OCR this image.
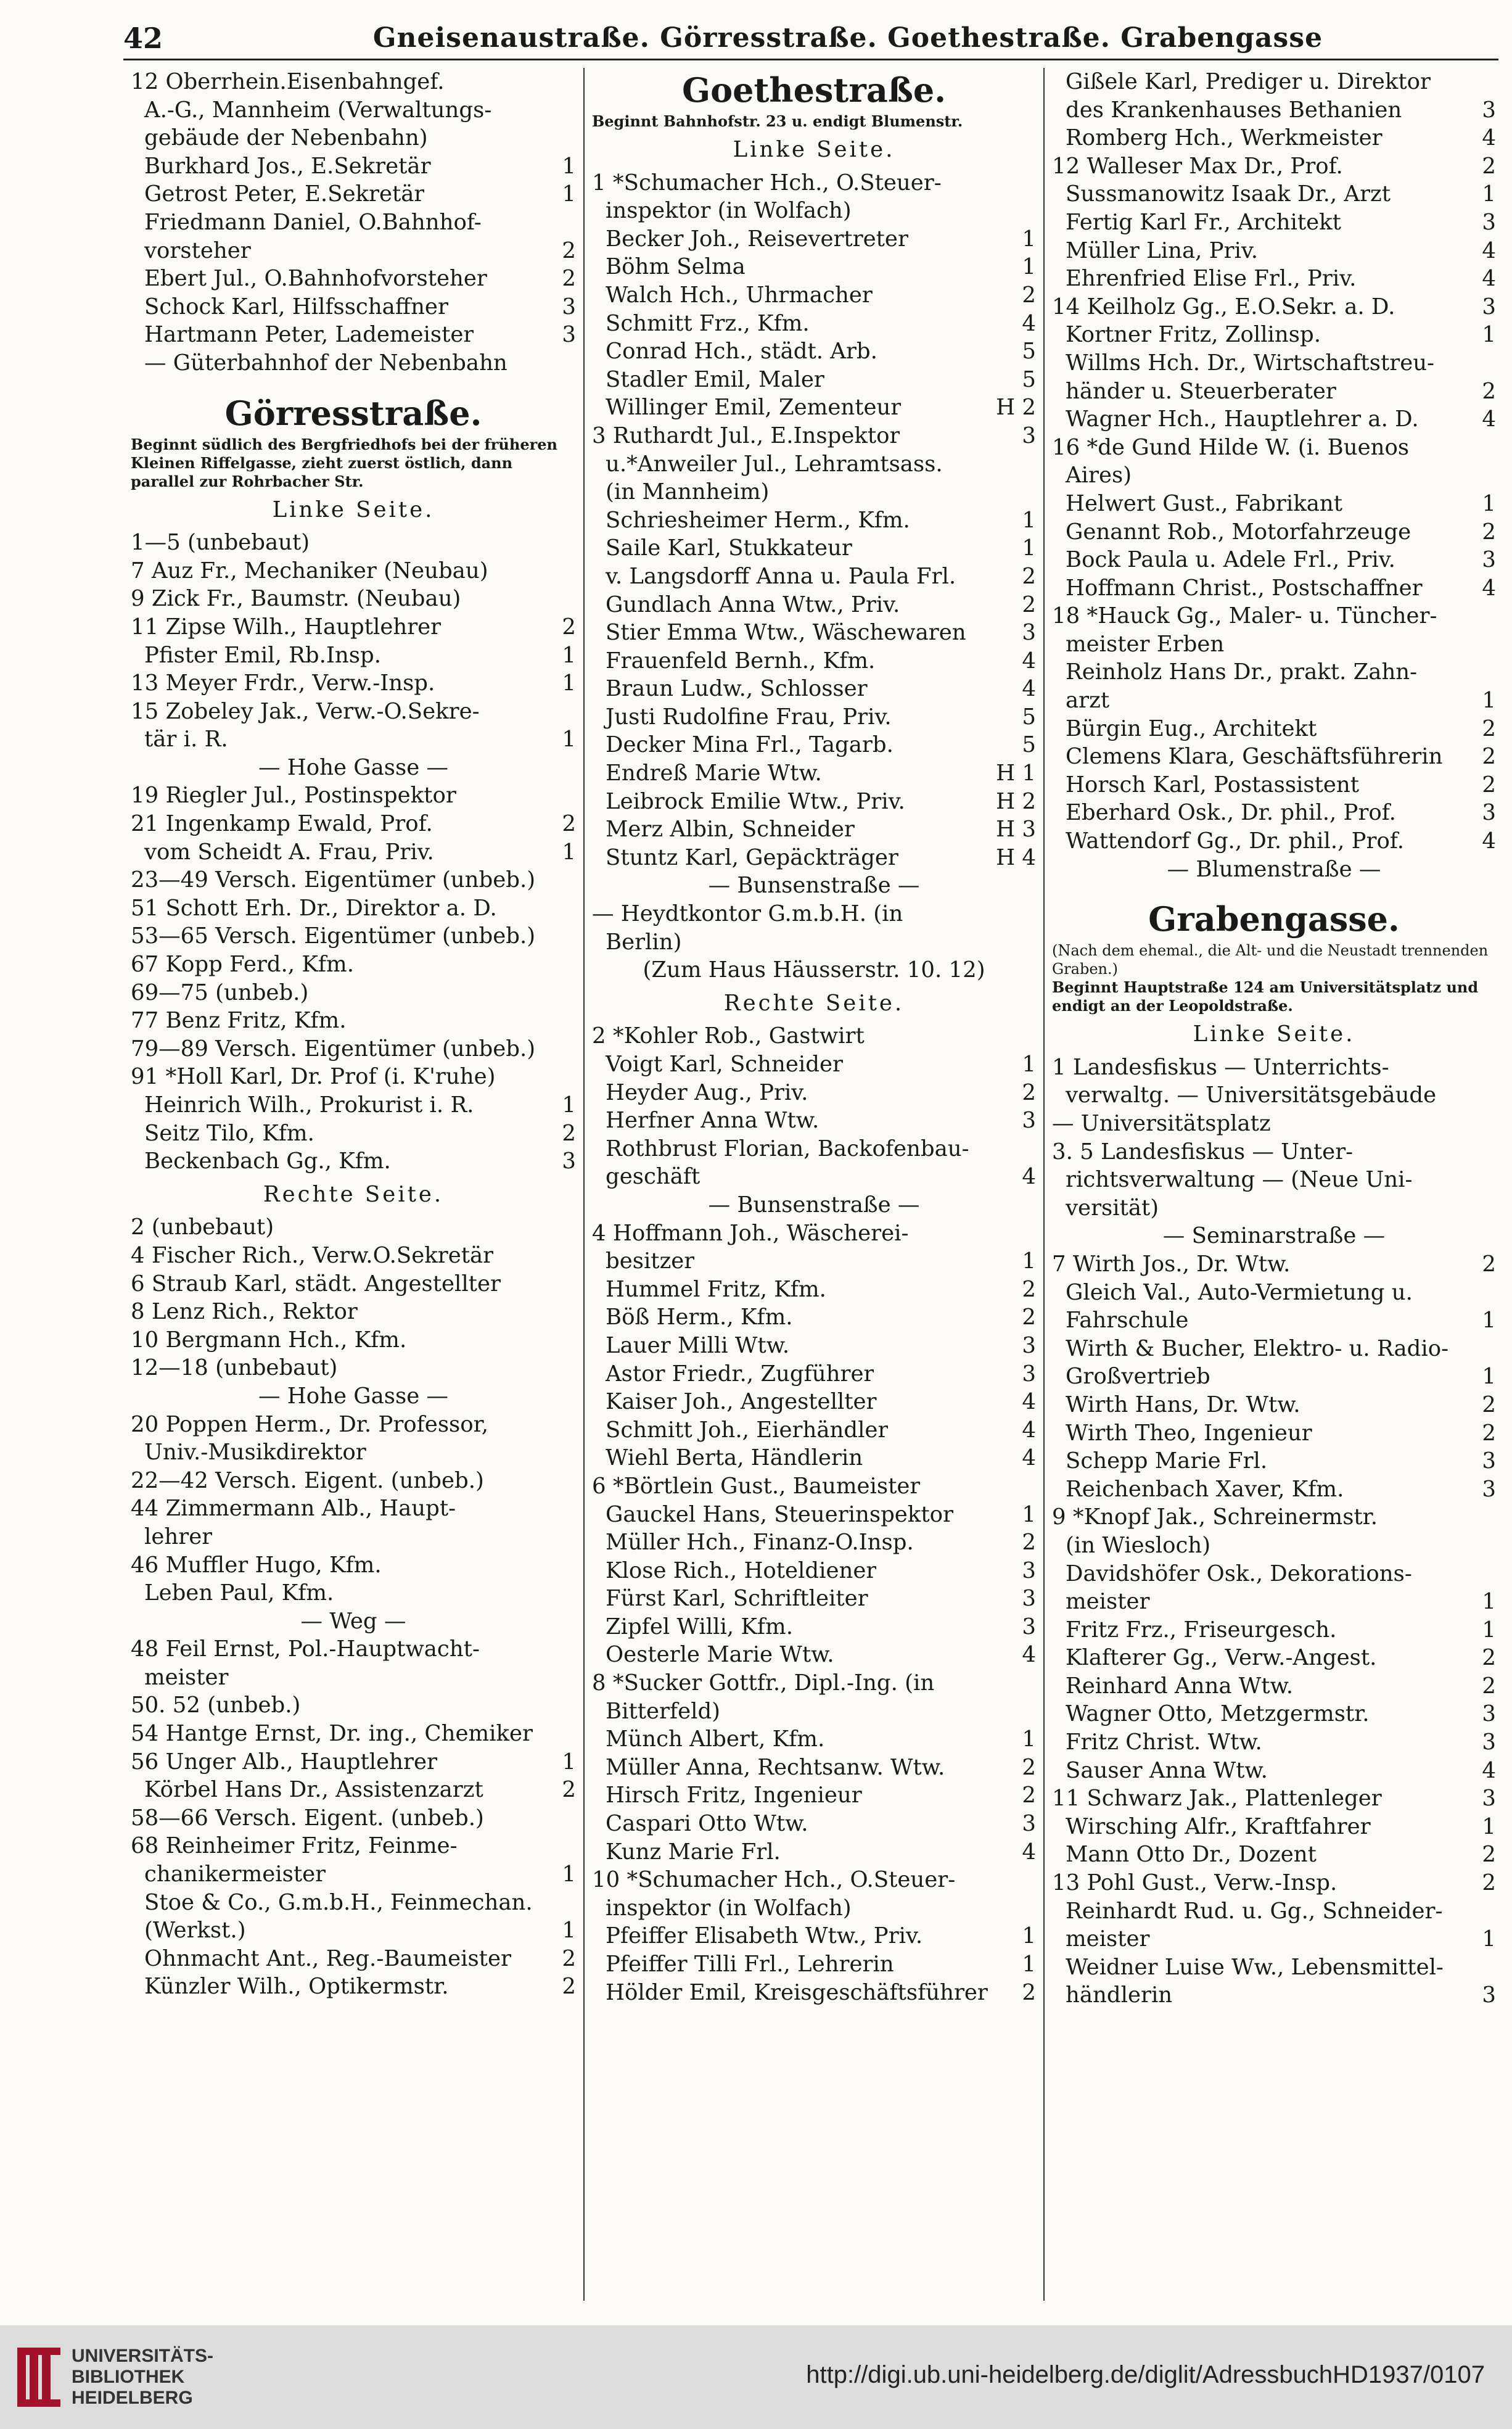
42	Gneisenaustraße. Görresstraße. Goethestraße. Grabengasse
12 Oberrhein.Eisenbahngef.
A.-G., Mannheim (Verwaltungs-
gebäude der Nebenbahn)
Burkhard Jos., E.Sekretär	1
Getrost Peter, E.Sekretär	1
Friedmann Daniel, O.Bahnhof-
vorsteher	2
Ebert Jul., O.Bahnhofvorsteher	2
Schock Karl, Hilfsschaffner	3
Hartmann Peter, Lademeister	3
— Güterbahnhof der Nebenbahn
Görresstraße.
Beginnt südlich des Bergfriedhofs bei der früheren Kleinen Riffelgasse, zieht zuerst östlich, dann parallel zur Rohrbacher Str.
Linke Seite.
1—5 (unbebaut)
7 Auz Fr., Mechaniker (Neubau)
9 Zick Fr., Baumstr. (Neubau)
11 Zipse Wilh., Hauptlehrer	2
Pfister Emil, Rb.Insp.	1
13 Meyer Frdr., Verw.-Insp.	1
15 Zobeley Jak., Verw.-O.Sekre-
tär i. R.	1
— Hohe Gasse —
19 Riegler Jul., Postinspektor
21 Ingenkamp Ewald, Prof.	2
vom Scheidt A. Frau, Priv.	1
23—49 Versch. Eigentümer (unbeb.)
51 Schott Erh. Dr., Direktor a. D.
53—65 Versch. Eigentümer (unbeb.)
67 Kopp Ferd., Kfm.
69—75 (unbeb.)
77 Benz Fritz, Kfm.
79—89 Versch. Eigentümer (unbeb.)
91 *Holl Karl, Dr. Prof (i. K'ruhe)
Heinrich Wilh., Prokurist i. R.	1
Seitz Tilo, Kfm.	2
Beckenbach Gg., Kfm.	3
Rechte Seite.
2 (unbebaut)
4 Fischer Rich., Verw.O.Sekretär
6 Straub Karl, städt. Angestellter
8 Lenz Rich., Rektor
10 Bergmann Hch., Kfm.
12—18 (unbebaut)
— Hohe Gasse —
20 Poppen Herm., Dr. Professor,
Univ.-Musikdirektor
22—42 Versch. Eigent. (unbeb.)
44 Zimmermann Alb., Haupt-
lehrer
46 Muffler Hugo, Kfm.
Leben Paul, Kfm.
— Weg —
48 Feil Ernst, Pol.-Hauptwacht-
meister
50. 52 (unbeb.)
54 Hantge Ernst, Dr. ing., Chemiker
56 Unger Alb., Hauptlehrer	1
Körbel Hans Dr., Assistenzarzt	2
58—66 Versch. Eigent. (unbeb.)
68 Reinheimer Fritz, Feinme-
chanikermeister	1
Stoe & Co., G.m.b.H., Feinmechan.
(Werkst.)	1
Ohnmacht Ant., Reg.-Baumeister 2
Künzler Wilh., Optikermstr.	2
Goethestraße.
Beginnt Bahnhofstr. 23 u. endigt Blumenstr.
Linke Seite.
1 *Schumacher Hch., O.Steuer-
inspektor (in Wolfach)
Becker Joh., Reisevertreter	1
Böhm Selma	1
Walch Hch., Uhrmacher	2
Schmitt Frz., Kfm.	4
Conrad Hch., städt. Arb.	5
Stadler Emil, Maler	5
Willinger Emil, Zementeur	H 2
3 Ruthardt Jul., E.Inspektor	3
u.*Anweiler Jul., Lehramtsass.
(in Mannheim)
Schriesheimer Herm., Kfm.	1
Saile Karl, Stukkateur	1
v. Langsdorff Anna u. Paula Frl.	2
Gundlach Anna Wtw., Priv.	2
Stier Emma Wtw., Wäschewaren	3
Frauenfeld Bernh., Kfm.	4
Braun Ludw., Schlosser	4
Justi Rudolfine Frau, Priv.	5
Decker Mina Frl., Tagarb.	5
Endreß Marie Wtw.	H 1
Leibrock Emilie Wtw., Priv.	H 2
Merz Albin, Schneider	H 3
Stuntz Karl, Gepäckträger	H 4
— Bunsenstraße —
— Heydtkontor G.m.b.H. (in
Berlin)
(Zum Haus Häusserstr. 10. 12)
Rechte Seite.
2 *Kohler Rob., Gastwirt
Voigt Karl, Schneider	1
Heyder Aug., Priv.	2
Herfner Anna Wtw.	3
Rothbrust Florian, Backofenbau-
geschäft	4
— Bunsenstraße —
4 Hoffmann Joh., Wäscherei-
besitzer	1
Hummel Fritz, Kfm.	2
Böß Herm., Kfm.	2
Lauer Milli Wtw.	3
Astor Friedr., Zugführer	3
Kaiser Joh., Angestellter	4
Schmitt Joh., Eierhändler	4
Wiehl Berta, Händlerin	4
6 *Börtlein Gust., Baumeister
Gauckel Hans, Steuerinspektor	1
Müller Hch., Finanz-O.Insp.	2
Klose Rich., Hoteldiener	3
Fürst Karl, Schriftleiter	3
Zipfel Willi, Kfm.	3
Oesterle Marie Wtw.	4
8 *Sucker Gottfr., Dipl.-Ing. (in
Bitterfeld)
Münch Albert, Kfm.	1
Müller Anna, Rechtsanw. Wtw.	2
Hirsch Fritz, Ingenieur	2
Caspari Otto Wtw.	3
Kunz Marie Frl.	4
10 *Schumacher Hch., O.Steuer-
inspektor (in Wolfach)
Pfeiffer Elisabeth Wtw., Priv.	1
Pfeiffer Tilli Frl., Lehrerin	1
Hölder Emil, Kreisgeschäftsführer 2
Gißele Karl, Prediger u. Direktor
des Krankenhauses Bethanien	3
Romberg Hch., Werkmeister	4
12 Walleser Max Dr., Prof.	2
Sussmanowitz Isaak Dr., Arzt	1
Fertig Karl Fr., Architekt	3
Müller Lina, Priv.	4
Ehrenfried Elise Frl., Priv.	4
14 Keilholz Gg., E.O.Sekr. a. D.	3
Kortner Fritz, Zollinsp.	1
Willms Hch. Dr., Wirtschaftstreu-
händer u. Steuerberater	2
Wagner Hch., Hauptlehrer a. D.	4
16 *de Gund Hilde W. (i. Buenos
Aires)
Helwert Gust., Fabrikant	1
Genannt Rob., Motorfahrzeuge	2
Bock Paula u. Adele Frl., Priv.	3
Hoffmann Christ., Postschaffner	4
18 *Hauck Gg., Maler- u. Tüncher-
meister Erben
Reinholz Hans Dr., prakt. Zahn-
arzt	1
Bürgin Eug., Architekt	2
Clemens Klara, Geschäftsführerin 2
Horsch Karl, Postassistent	2
Eberhard Osk., Dr. phil., Prof.	3
Wattendorf Gg., Dr. phil., Prof.	4
— Blumenstraße —
Grabengasse.
(Nach dem ehemal., die Alt- und die Neustadt trennenden Graben.)
Beginnt Hauptstraße 124 am Universitätsplatz und endigt an der Leopoldstraße.
Linke Seite.
1 Landesfiskus — Unterrichts-
verwaltg. — Universitätsgebäude
— Universitätsplatz
3. 5 Landesfiskus — Unter-
richtsverwaltung — (Neue Uni-
versität)
— Seminarstraße —
7 Wirth Jos., Dr. Wtw.	2
Gleich Val., Auto-Vermietung u.
Fahrschule	1
Wirth & Bucher, Elektro- u. Radio-
Großvertrieb	1
Wirth Hans, Dr. Wtw.	2
Wirth Theo, Ingenieur	2
Schepp Marie Frl.	3
Reichenbach Xaver, Kfm.	3
9 *Knopf Jak., Schreinermstr.
(in Wiesloch)
Davidshöfer Osk., Dekorations-
meister	1
Fritz Frz., Friseurgesch.	1
Klafterer Gg., Verw.-Angest.	2
Reinhard Anna Wtw.	2
Wagner Otto, Metzgermstr.	3
Fritz Christ. Wtw.	3
Sauser Anna Wtw.	4
11 Schwarz Jak., Plattenleger	3
Wirsching Alfr., Kraftfahrer	1
Mann Otto Dr., Dozent	2
13 Pohl Gust., Verw.-Insp.	2
Reinhardt Rud. u. Gg., Schneider-
meister	1
Weidner Luise Ww., Lebensmittel-
händlerin	3
UNIVERSITÄTS-
BIBLIOTHEK
HEIDELBERG
http://digi.ub.uni-heidelberg.de/diglit/AdressbuchHD1937/0107
